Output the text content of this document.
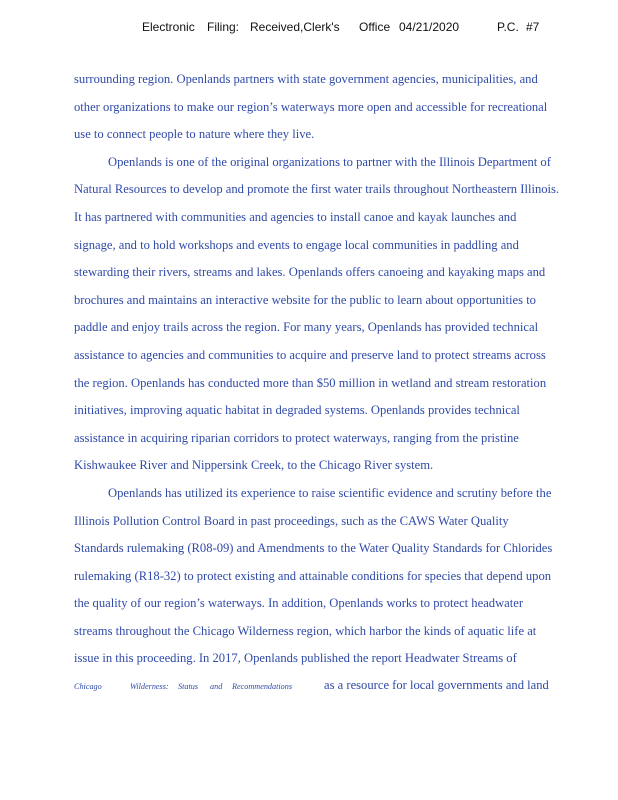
Electronic Filing: Received,Clerk's Office 04/21/2020	P.C. #7
surrounding region. Openlands partners with state government agencies, municipalities, and
other organizations to make our region’s waterways more open and accessible for recreational
use to connect people to nature where they live.
Openlands is one of the original organizations to partner with the Illinois Department of
Natural Resources to develop and promote the first water trails throughout Northeastern Illinois.
It has partnered with communities and agencies to install canoe and kayak launches and
signage, and to hold workshops and events to engage local communities in paddling and
stewarding their rivers, streams and lakes. Openlands offers canoeing and kayaking maps and
brochures and maintains an interactive website for the public to learn about opportunities to
paddle and enjoy trails across the region. For many years, Openlands has provided technical
assistance to agencies and communities to acquire and preserve land to protect streams across
the region. Openlands has conducted more than $50 million in wetland and stream restoration
initiatives, improving aquatic habitat in degraded systems. Openlands provides technical
assistance in acquiring riparian corridors to protect waterways, ranging from the pristine
Kishwaukee River and Nippersink Creek, to the Chicago River system.
Openlands has utilized its experience to raise scientific evidence and scrutiny before the
Illinois Pollution Control Board in past proceedings, such as the CAWS Water Quality
Standards rulemaking (R08-09) and Amendments to the Water Quality Standards for Chlorides
rulemaking (R18-32) to protect existing and attainable conditions for species that depend upon
the quality of our region’s waterways. In addition, Openlands works to protect headwater
streams throughout the Chicago Wilderness region, which harbor the kinds of aquatic life at
issue in this proceeding. In 2017, Openlands published the report Headwater Streams of
Chicago	Wilderness: Status and Recommendations	as a resource for local governments and land
